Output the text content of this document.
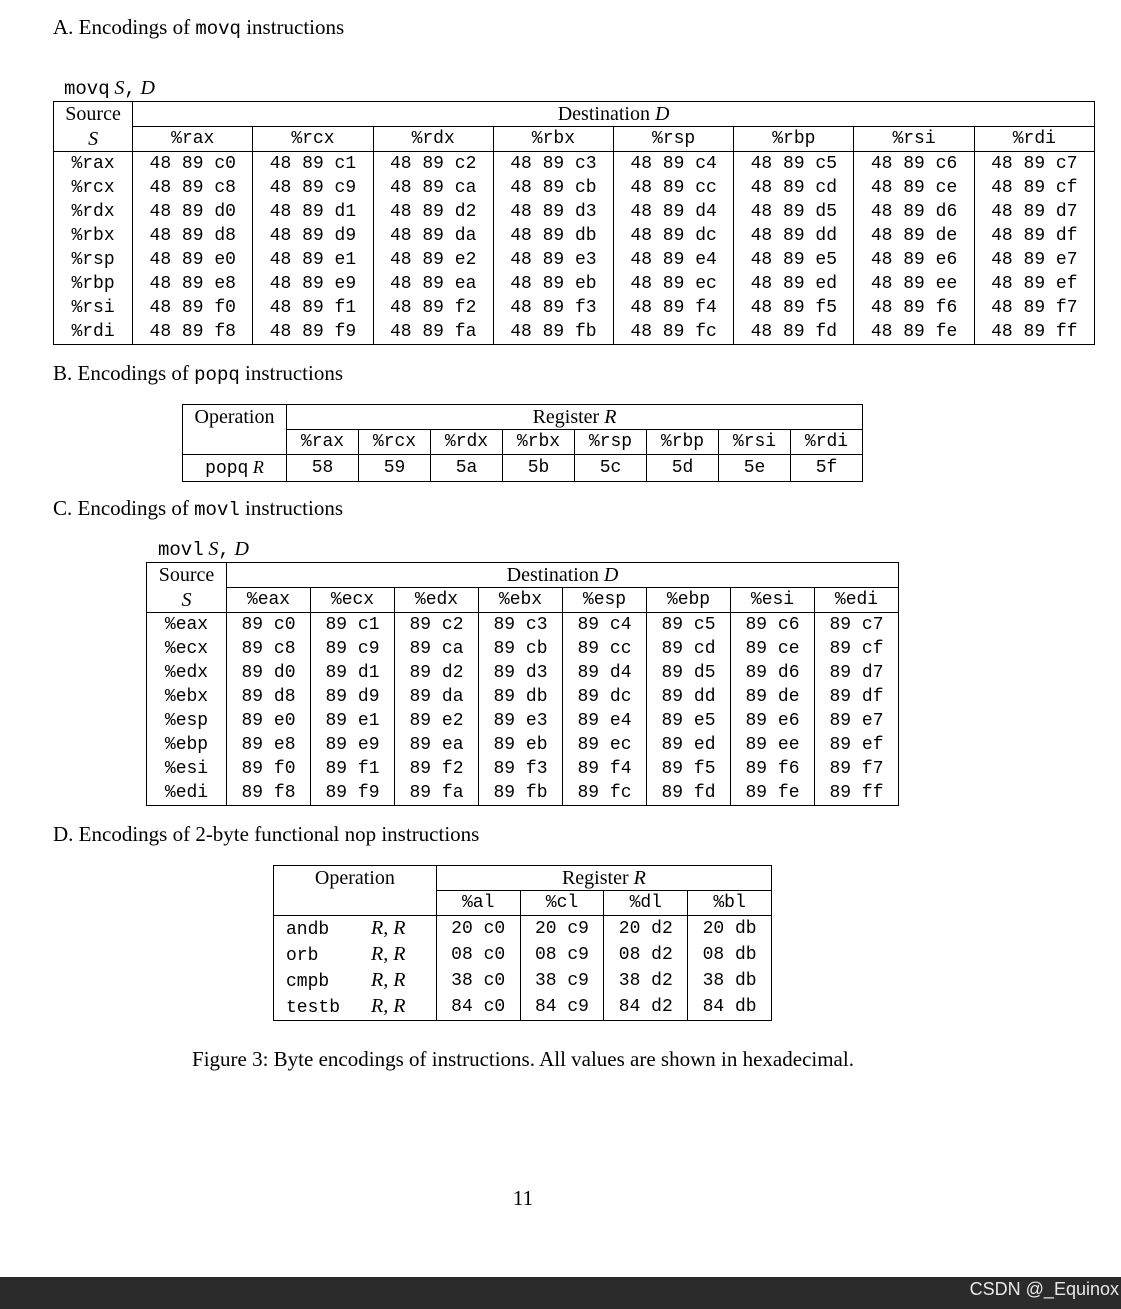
A. Encodings of movq instructions
movq S, D
Source	Destination D							
S	%rax	%rcx	%rdx	%rbx	%rsp	%rbp	%rsi	%rdi
%rax	48 89 c0	48 89 c1	48 89 c2	48 89 c3	48 89 c4	48 89 c5	48 89 c6	48 89 c7
%rcx	48 89 c8	48 89 c9	48 89 ca	48 89 cb	48 89 cc	48 89 cd	48 89 ce	48 89 cf
%rdx	48 89 d0	48 89 d1	48 89 d2	48 89 d3	48 89 d4	48 89 d5	48 89 d6	48 89 d7
%rbx	48 89 d8	48 89 d9	48 89 da	48 89 db	48 89 dc	48 89 dd	48 89 de	48 89 df
%rsp	48 89 e0	48 89 e1	48 89 e2	48 89 e3	48 89 e4	48 89 e5	48 89 e6	48 89 e7
%rbp	48 89 e8	48 89 e9	48 89 ea	48 89 eb	48 89 ec	48 89 ed	48 89 ee	48 89 ef
%rsi	48 89 f0	48 89 f1	48 89 f2	48 89 f3	48 89 f4	48 89 f5	48 89 f6	48 89 f7
%rdi	48 89 f8	48 89 f9	48 89 fa	48 89 fb	48 89 fc	48 89 fd	48 89 fe	48 89 ff
B. Encodings of popq instructions
Operation	Register R							
	%rax	%rcx	%rdx	%rbx	%rsp	%rbp	%rsi	%rdi
popq R	58	59	5a	5b	5c	5d	5e	5f
C. Encodings of movl instructions
movl S, D
Source	Destination D							
S	%eax	%ecx	%edx	%ebx	%esp	%ebp	%esi	%edi
%eax	89 c0	89 c1	89 c2	89 c3	89 c4	89 c5	89 c6	89 c7
%ecx	89 c8	89 c9	89 ca	89 cb	89 cc	89 cd	89 ce	89 cf
%edx	89 d0	89 d1	89 d2	89 d3	89 d4	89 d5	89 d6	89 d7
%ebx	89 d8	89 d9	89 da	89 db	89 dc	89 dd	89 de	89 df
%esp	89 e0	89 e1	89 e2	89 e3	89 e4	89 e5	89 e6	89 e7
%ebp	89 e8	89 e9	89 ea	89 eb	89 ec	89 ed	89 ee	89 ef
%esi	89 f0	89 f1	89 f2	89 f3	89 f4	89 f5	89 f6	89 f7
%edi	89 f8	89 f9	89 fa	89 fb	89 fc	89 fd	89 fe	89 ff
D. Encodings of 2-byte functional nop instructions
Operation	Register R			
	%al	%cl	%dl	%bl
andb R, R	20 c0	20 c9	20 d2	20 db
orb R, R	08 c0	08 c9	08 d2	08 db
cmpb R, R	38 c0	38 c9	38 d2	38 db
testb R, R	84 c0	84 c9	84 d2	84 db
Figure 3: Byte encodings of instructions. All values are shown in hexadecimal.
11
CSDN @_Equinox
